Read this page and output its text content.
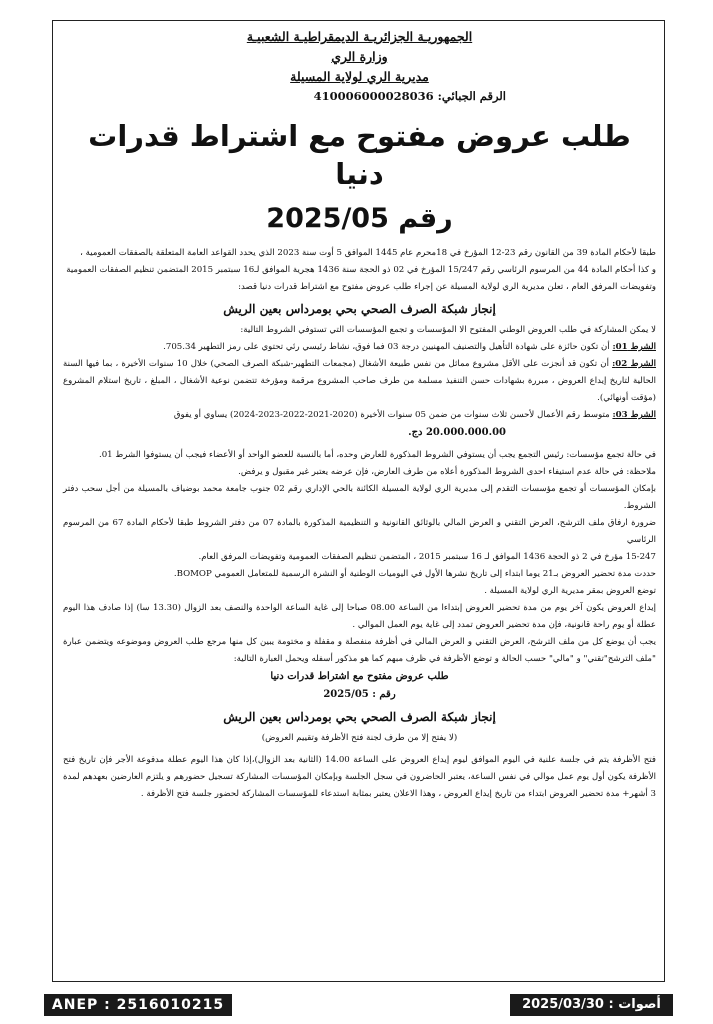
الجمهوريـة الجزائريـة الديمقراطيـة الشعبيـة
وزارة الري
مديرية الري لولاية المسيلة
الرقم الجبائي: 410006000028036
طلب عروض مفتوح مع اشتراط قدرات دنيا
رقم 2025/05

طبقا لأحكام المادة 39 من القانون رقم 23-12 المؤرخ في 18محرم عام 1445 الموافق 5 أوت سنة 2023 الذي يحدد القواعد العامة المتعلقة بالصفقات العمومية ،

و كذا أحكام المادة 44 من المرسوم الرئاسي رقم 15/247 المؤرخ في 02 ذو الحجة سنة 1436 هجرية الموافق لـ16 سبتمبر 2015 المتضمن تنظيم الصفقات العمومية

وتفويضات المرفق العام ، تعلن مديرية الري لولاية المسيلة عن إجراء طلب عروض مفتوح مع اشتراط قدرات دنيا قصد:

إنجاز شبكة الصرف الصحي بحي بومرداس بعين الريش

لا يمكن المشاركة في طلب العروض الوطني المفتوح الا المؤسسات و تجمع المؤسسات التي تستوفي الشروط التالية:

الشرط 01: أن تكون حائزة على شهادة التأهيل والتصنيف المهنيين درجة 03 فما فوق، نشاط رئيسي رئي تحتوي على رمز التطهير 705.34.

الشرط 02: أن تكون قد أنجزت على الأقل مشروع مماثل من نفس طبيعة الأشغال (مجمعات التطهير-شبكة الصرف الصحي) خلال 10 سنوات الأخيرة ، بما فيها السنة الحالية لتاريخ إيداع العروض ، مبررة بشهادات حسن التنفيذ مسلمة من طرف صاحب المشروع مرقمة ومؤرخة تتضمن نوعية الأشغال ، المبلغ ، تاريخ استلام المشروع (مؤقت أونهائي).

الشرط 03: متوسط رقم الأعمال لأحسن ثلاث سنوات من ضمن 05 سنوات الأخيرة (2020-2021-2022-2023-2024) يساوي أو يفوق

20.000.000.00 دج.

في حالة تجمع مؤسسات: رئيس التجمع يجب أن يستوفي الشروط المذكورة للعارض وحده، أما بالنسبة للعضو الواحد أو الأعضاء فيجب أن يستوفوا الشرط 01.

ملاحظة: في حالة عدم استيفاء احدى الشروط المذكورة أعلاه من طرف العارض، فإن عرضه يعتبر غير مقبول و يرفض.

بإمكان المؤسسات أو تجمع مؤسسات التقدم إلى مديرية الري لولاية المسيلة الكائنة بالحي الإداري رقم 02 جنوب جامعة محمد بوضياف بالمسيلة من أجل سحب دفتر الشروط.

ضرورة ارفاق ملف الترشح، العرض التقني و العرض المالي بالوثائق القانونية و التنظيمية المذكورة بالمادة 07 من دفتر الشروط طبقا لأحكام المادة 67 من المرسوم الرئاسي

15-247 مؤرخ في 2 ذو الحجة 1436 الموافق لـ 16 سبتمبر 2015 ، المتضمن تنظيم الصفقات العمومية وتفويضات المرفق العام.

حددت مدة تحضير العروض بـ21 يوما ابتداء إلى تاريخ نشرها الأول في اليوميات الوطنية أو النشرة الرسمية للمتعامل العمومي BOMOP.

توضع العروض بمقر مديرية الري لولاية المسيلة .

إيداع العروض يكون آخر يوم من مدة تحضير العروض إبتداءا من الساعة 08.00 صباحا إلى غاية الساعة الواحدة والنصف بعد الزوال (13.30 سا) إذا صادف هذا اليوم عطلة أو يوم راحة قانونية، فإن مدة تحضير العروض تمدد إلى غاية يوم العمل الموالي .

يجب أن يوضع كل من ملف الترشح، العرض التقني و العرض المالي في أظرفة منفصلة و مقفلة و مختومة يبين كل منها مرجع طلب العروض وموضوعه ويتضمن عبارة "ملف الترشح"تقني" و "مالي" حسب الحالة و توضع الأظرفة في ظرف مبهم كما هو مذكور أسفله ويحمل العبارة التالية:

طلب عروض مفتوح مع اشتراط قدرات دنيا

رقم : 2025/05

إنجاز شبكة الصرف الصحي بحي بومرداس بعين الريش

(لا يفتح إلا من طرف لجنة فتح الأظرفة وتقييم العروض)

فتح الأظرفة يتم في جلسة علنية في اليوم الموافق ليوم إيداع العروض على الساعة 14.00 (الثانية بعد الزوال)،إذا كان هذا اليوم عطلة مدفوعة الأجر فإن تاريخ فتح الأظرفة يكون أول يوم عمل موالي في نفس الساعة، يعتبر الحاضرون في سجل الجلسة وبإمكان المؤسسات المشاركة تسجيل حضورهم و يلتزم العارضين بعهدهم لمدة 3 أشهر+ مدة تحضير العروض ابتداء من تاريخ إيداع العروض ، وهذا الاعلان يعتبر بمثابة استدعاء للمؤسسات المشاركة لحضور جلسة فتح الأظرفة .

ANEP : 2516010215	أصوات : 2025/03/30
